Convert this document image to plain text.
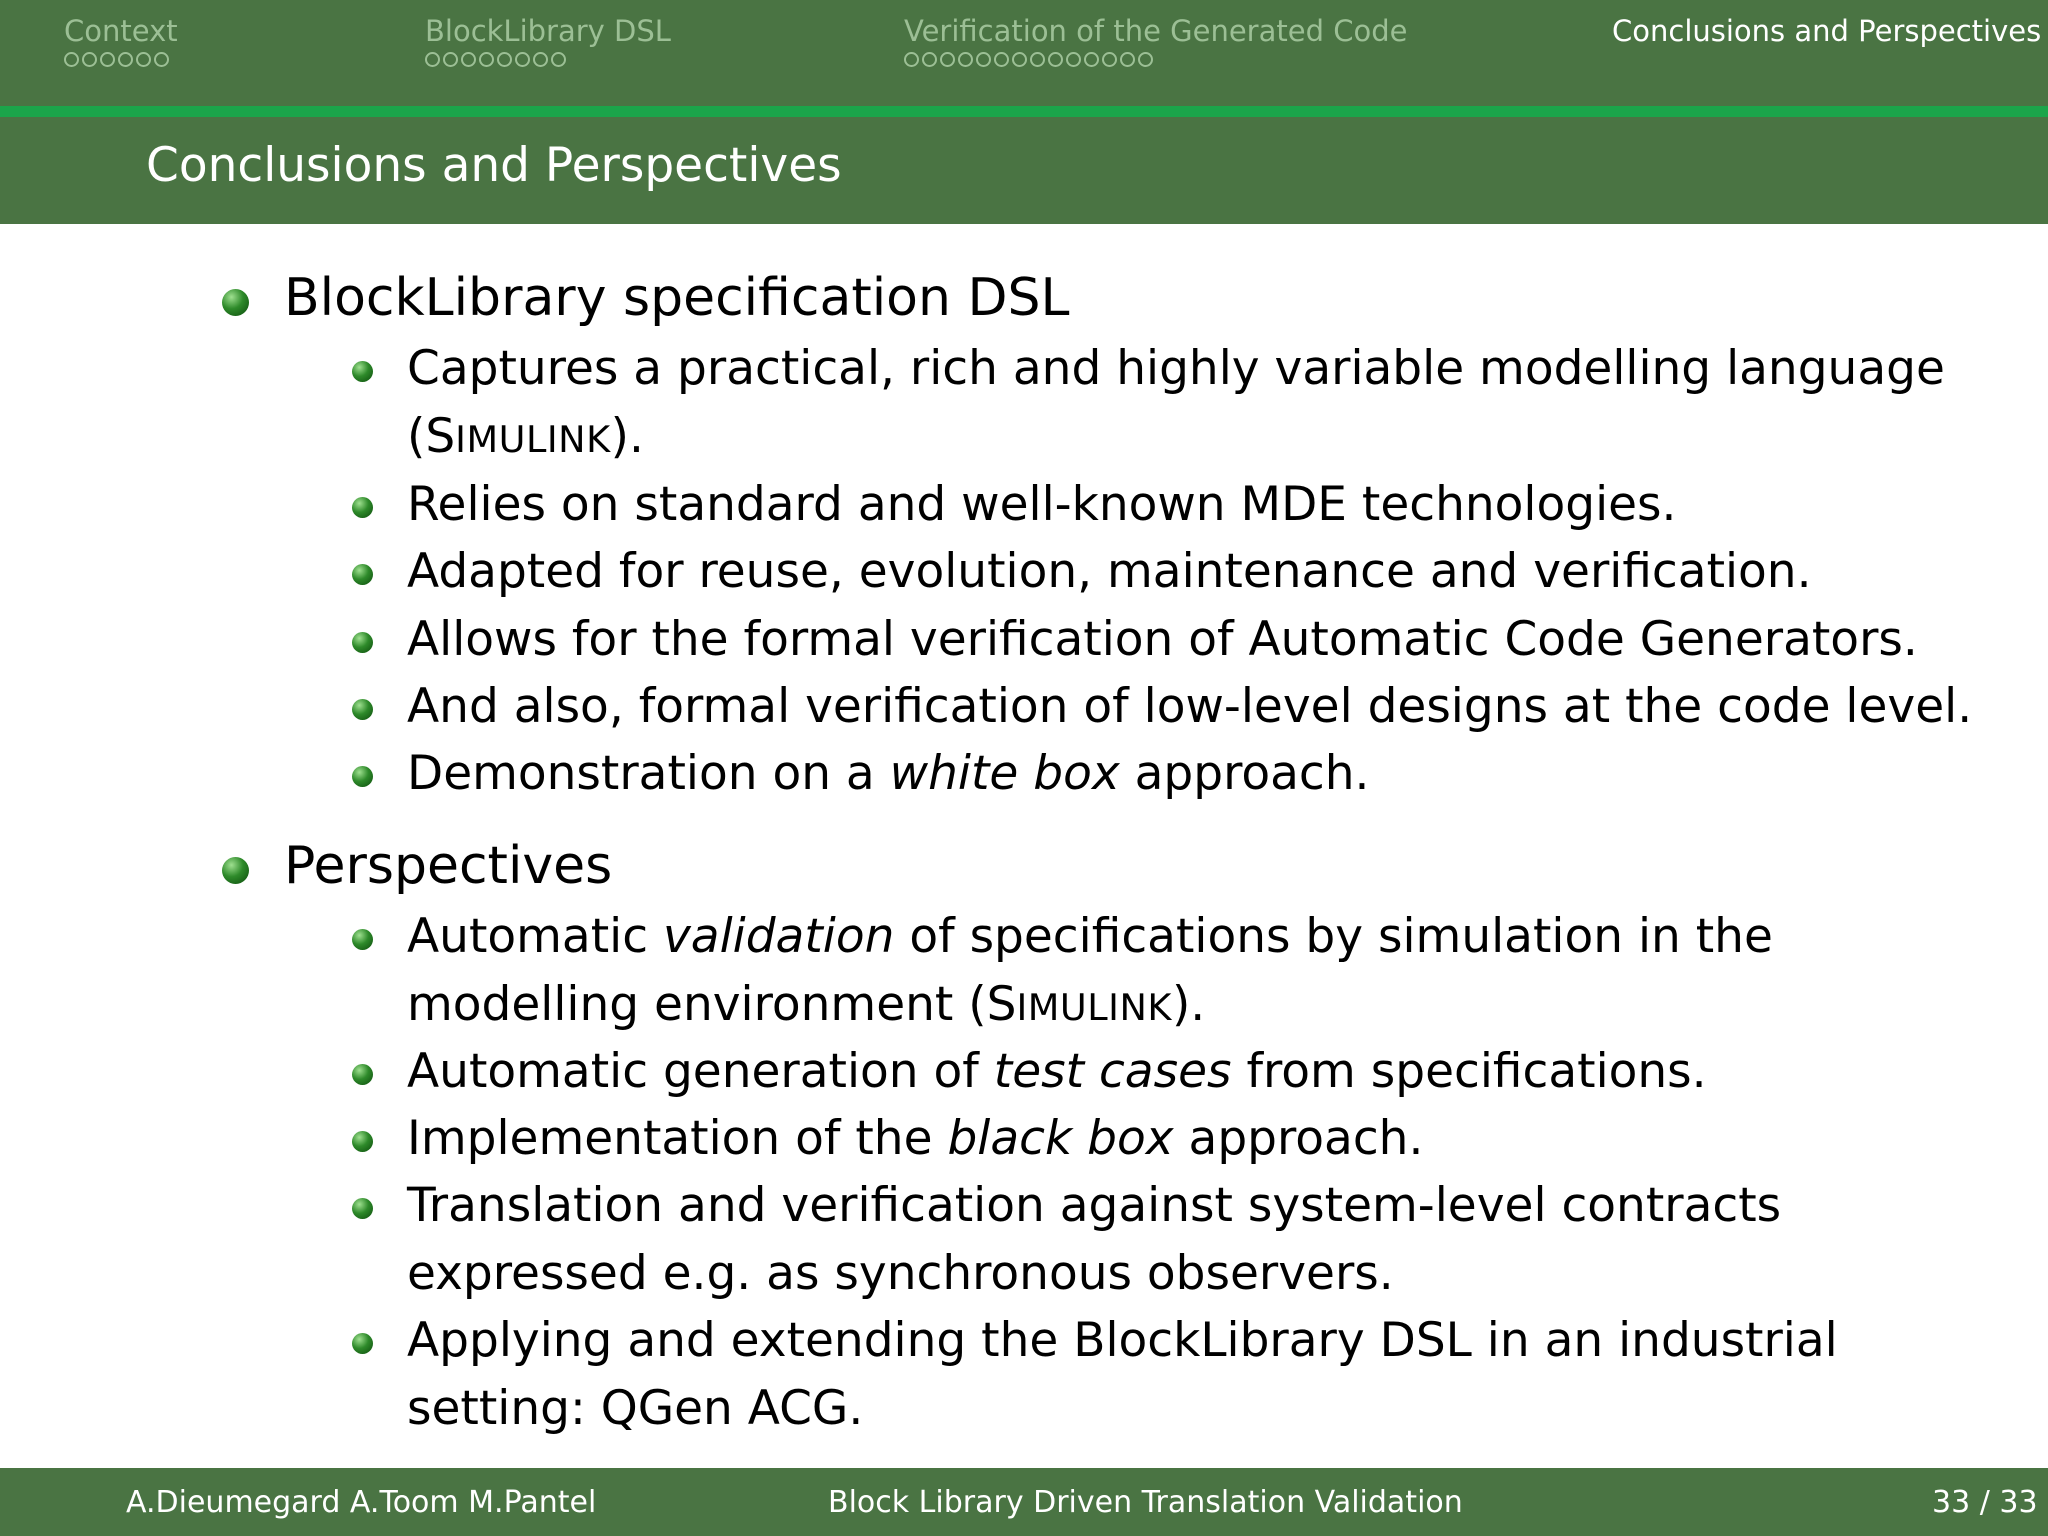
Context	BlockLibrary DSL	Verification of the Generated Code	Conclusions and Perspectives
Conclusions and Perspectives
BlockLibrary specification DSL
Captures a practical, rich and highly variable modelling language
(SIMULINK).
Relies on standard and well-known MDE technologies.
Adapted for reuse, evolution, maintenance and verification.
Allows for the formal verification of Automatic Code Generators.
And also, formal verification of low-level designs at the code level.
Demonstration on a white box approach.
Perspectives
Automatic validation of specifications by simulation in the
modelling environment (SIMULINK).
Automatic generation of test cases from specifications.
Implementation of the black box approach.
Translation and verification against system-level contracts
expressed e.g. as synchronous observers.
Applying and extending the BlockLibrary DSL in an industrial
setting: QGen ACG.
A.Dieumegard A.Toom M.Pantel	Block Library Driven Translation Validation	33 / 33
